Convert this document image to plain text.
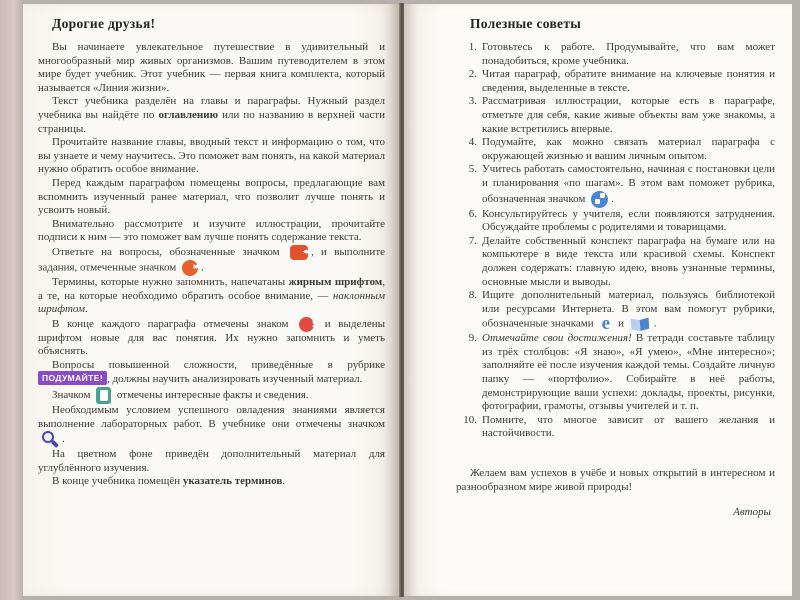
Дорогие друзья!

Вы начинаете увлекательное путешествие в удивительный и многообразный мир живых организмов. Вашим путеводителем в этом мире будет учебник. Этот учебник — первая книга комплекта, который называется «Линия жизни».

Текст учебника разделён на главы и параграфы. Нужный раздел учебника вы найдёте по оглавлению или по названию в верхней части страницы.

Прочитайте название главы, вводный текст и информацию о том, что вы узнаете и чему научитесь. Это поможет вам понять, на какой материал нужно обратить особое внимание.

Перед каждым параграфом помещены вопросы, предлагающие вам вспомнить изученный ранее материал, что позволит лучше понять и усвоить новый.

Внимательно рассмотрите и изучите иллюстрации, прочитайте подписи к ним — это поможет вам лучше понять содержание текста.

Ответьте на вопросы, обозначенные значком ◂◂ , и выполните задания, отмеченные значком ▸▸ .

Термины, которые нужно запомнить, напечатаны жирным шрифтом, а те, на которые необходимо обратить особое внимание, — наклонным шрифтом.

В конце каждого параграфа отмечены знаком ! и выделены шрифтом новые для вас понятия. Их нужно запомнить и уметь объяснять.

Вопросы повышенной сложности, приведённые в рубрике ПОДУМАЙТЕ! , должны научить анализировать изученный материал.

Значком  отмечены интересные факты и сведения.

Необходимым условием успешного овладения знаниями является выполнение лабораторных работ. В учебнике они отмечены значком .

На цветном фоне приведён дополнительный материал для углублённого изучения.

В конце учебника помещён указатель терминов.

Полезные советы
1. Готовьтесь к работе. Продумывайте, что вам может понадобиться, кроме учебника.
2. Читая параграф, обратите внимание на ключевые понятия и сведения, выделенные в тексте.
3. Рассматривая иллюстрации, которые есть в параграфе, отметьте для себя, какие живые объекты вам уже знакомы, а какие встретились впервые.
4. Подумайте, как можно связать материал параграфа с окружающей жизнью и вашим личным опытом.
5. Учитесь работать самостоятельно, начиная с постановки цели и планирования «по шагам». В этом вам поможет рубрика, обозначенная значком .
6. Консультируйтесь у учителя, если появляются затруднения. Обсуждайте проблемы с родителями и товарищами.
7. Делайте собственный конспект параграфа на бумаге или на компьютере в виде текста или красивой схемы. Конспект должен содержать: главную идею, вновь узнанные термины, основные мысли и выводы.
8. Ищите дополнительный материал, пользуясь библиотекой или ресурсами Интернета. В этом вам помогут рубрики, обозначенные значками e и .
9. Отмечайте свои достижения! В тетради составьте таблицу из трёх столбцов: «Я знаю», «Я умею», «Мне интересно»; заполняйте её после изучения каждой темы. Создайте личную папку — «портфолио». Собирайте в неё работы, демонстрирующие ваши успехи: доклады, проекты, рисунки, фотографии, грамоты, отзывы учителей и т. п.
10. Помните, что многое зависит от вашего желания и настойчивости.

Желаем вам успехов в учёбе и новых открытий в интересном и разнообразном мире живой природы!

Авторы
